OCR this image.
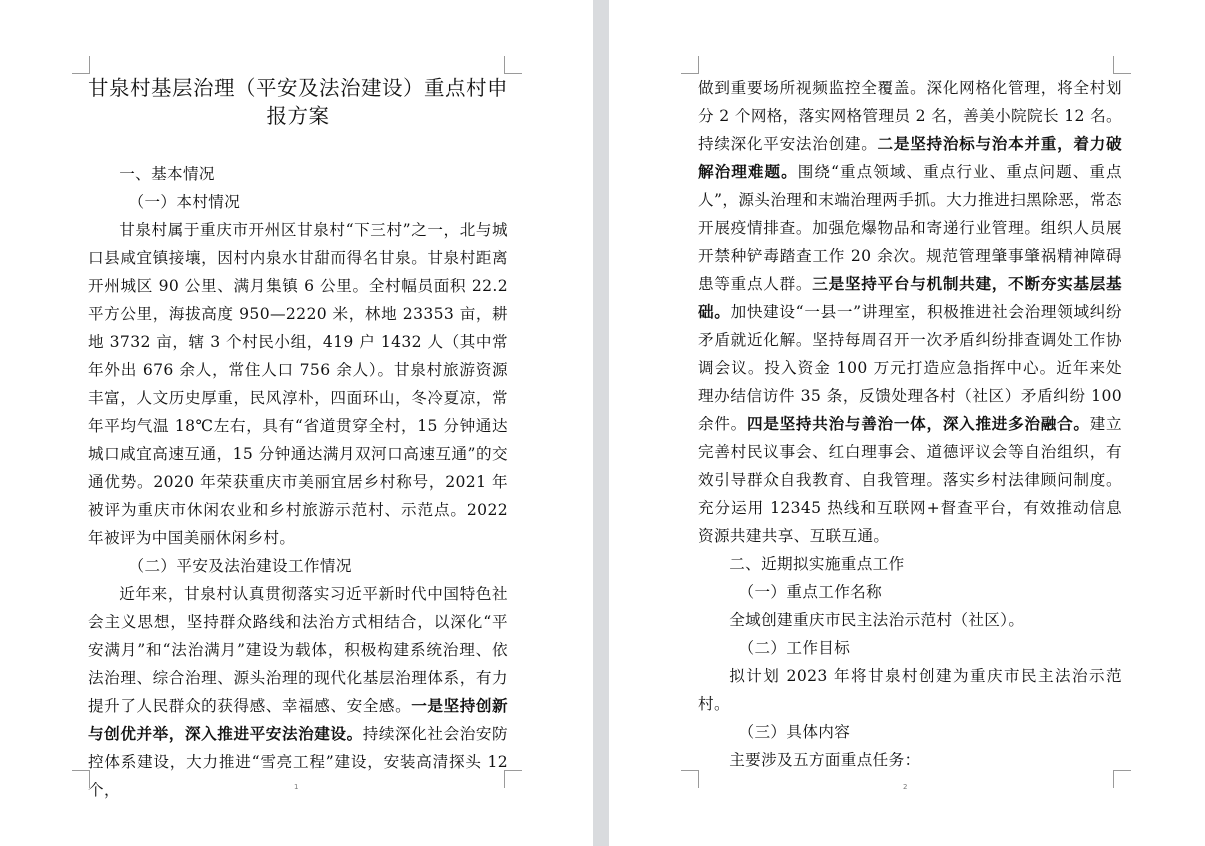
甘泉村基层治理（平安及法治建设）重点村申报方案

一、基本情况

（一）本村情况

甘泉村属于重庆市开州区甘泉村“下三村”之一，北与城口县咸宜镇接壤，因村内泉水甘甜而得名甘泉。甘泉村距离开州城区 90 公里、满月集镇 6 公里。全村幅员面积 22.2 平方公里，海拔高度 950—2220 米，林地 23353 亩，耕地 3732 亩，辖 3 个村民小组，419 户 1432 人（其中常年外出 676 余人，常住人口 756 余人）。甘泉村旅游资源丰富，人文历史厚重，民风淳朴，四面环山，冬冷夏凉，常年平均气温 18℃左右，具有“省道贯穿全村，15 分钟通达城口咸宜高速互通，15 分钟通达满月双河口高速互通”的交通优势。2020 年荣获重庆市美丽宜居乡村称号，2021 年被评为重庆市休闲农业和乡村旅游示范村、示范点。2022 年被评为中国美丽休闲乡村。

（二）平安及法治建设工作情况

近年来，甘泉村认真贯彻落实习近平新时代中国特色社会主义思想，坚持群众路线和法治方式相结合，以深化“平安满月”和“法治满月”建设为载体，积极构建系统治理、依法治理、综合治理、源头治理的现代化基层治理体系，有力提升了人民群众的获得感、幸福感、安全感。一是坚持创新与创优并举，深入推进平安法治建设。持续深化社会治安防控体系建设，大力推进“雪亮工程”建设，安装高清探头 12 个，	1

做到重要场所视频监控全覆盖。深化网格化管理，将全村划分 2 个网格，落实网格管理员 2 名，善美小院院长 12 名。持续深化平安法治创建。二是坚持治标与治本并重，着力破解治理难题。围绕“重点领域、重点行业、重点问题、重点人”，源头治理和末端治理两手抓。大力推进扫黑除恶，常态开展疫情排查。加强危爆物品和寄递行业管理。组织人员展开禁种铲毒踏查工作 20 余次。规范管理肇事肇祸精神障碍患等重点人群。三是坚持平台与机制共建，不断夯实基层基础。加快建设“一县一”讲理室，积极推进社会治理领域纠纷矛盾就近化解。坚持每周召开一次矛盾纠纷排查调处工作协调会议。投入资金 100 万元打造应急指挥中心。近年来处理办结信访件 35 条，反馈处理各村（社区）矛盾纠纷 100 余件。四是坚持共治与善治一体，深入推进多治融合。建立完善村民议事会、红白理事会、道德评议会等自治组织，有效引导群众自我教育、自我管理。落实乡村法律顾问制度。充分运用 12345 热线和互联网+督查平台，有效推动信息资源共建共享、互联互通。

二、近期拟实施重点工作

（一）重点工作名称

全域创建重庆市民主法治示范村（社区）。

（二）工作目标

拟计划 2023 年将甘泉村创建为重庆市民主法治示范村。

（三）具体内容

主要涉及五方面重点任务：

2
